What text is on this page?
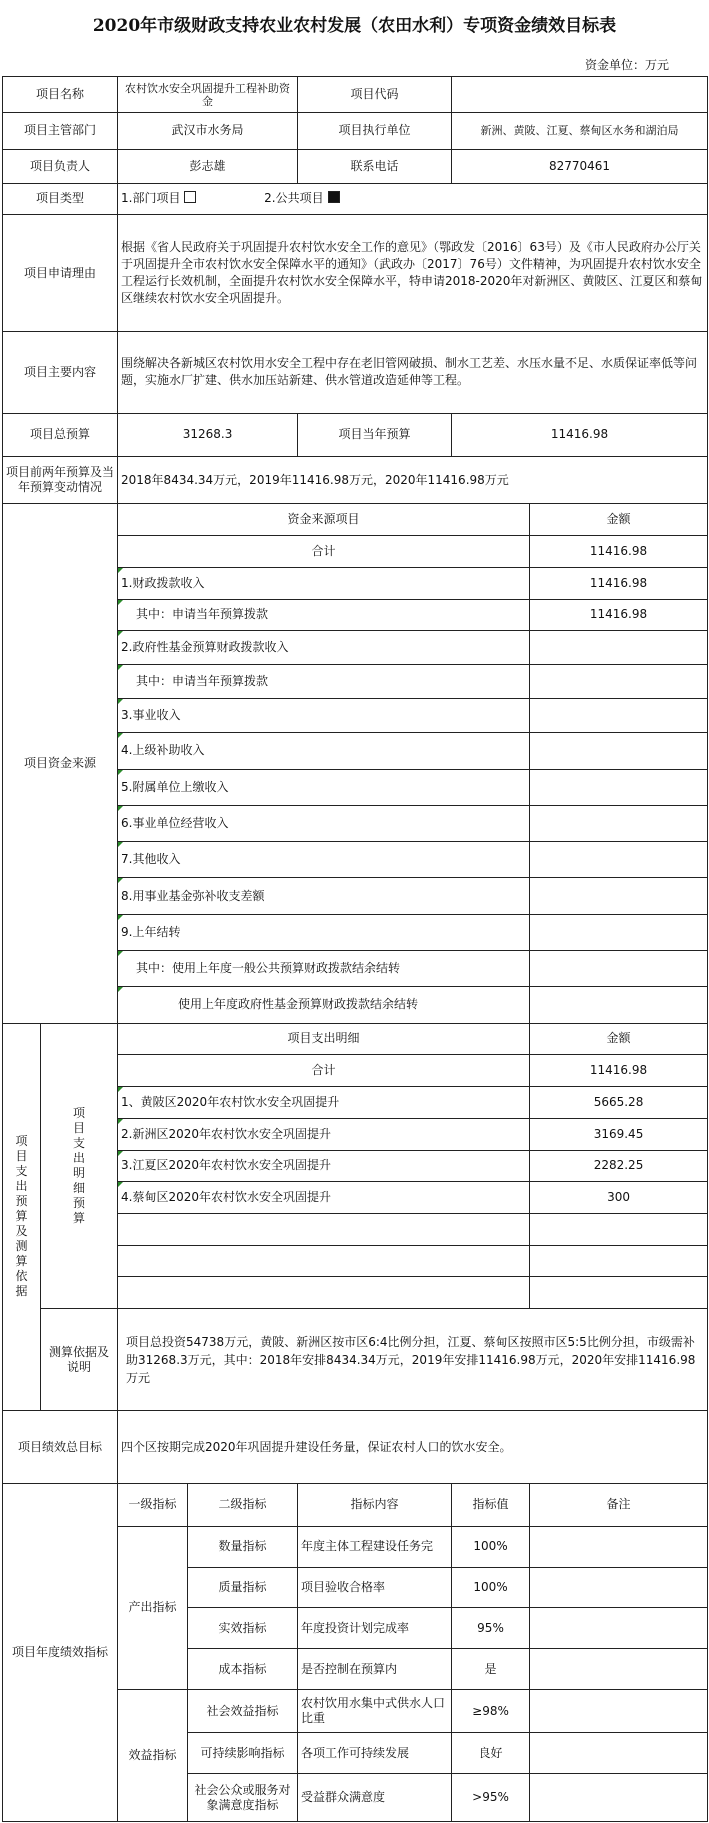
2020年市级财政支持农业农村发展（农田水利）专项资金绩效目标表
资金单位：万元
项目名称		农村饮水安全巩固提升工程补助资金		项目代码		
项目主管部门		武汉市水务局		项目执行单位	新洲、黄陂、江夏、蔡甸区水务和湖泊局	
项目负责人		彭志雄		联系电话	82770461	
项目类型		1.部门项目 2.公共项目				
项目申请理由		根据《省人民政府关于巩固提升农村饮水安全工作的意见》（鄂政发〔2016〕63号）及《市人民政府办公厅关于巩固提升全市农村饮水安全保障水平的通知》（武政办〔2017〕76号）文件精神，为巩固提升农村饮水安全工程运行长效机制，全面提升农村饮水安全保障水平，特申请2018-2020年对新洲区、黄陂区、江夏区和蔡甸区继续农村饮水安全巩固提升。				
项目主要内容		围绕解决各新城区农村饮用水安全工程中存在老旧管网破损、制水工艺差、水压水量不足、水质保证率低等问题，实施水厂扩建、供水加压站新建、供水管道改造延伸等工程。				
项目总预算		31268.3		项目当年预算	11416.98	
项目前两年预算及当年预算变动情况		2018年8434.34万元，2019年11416.98万元，2020年11416.98万元				
项目资金来源		资金来源项目				金额
		合计				11416.98
		1.财政拨款收入				11416.98
		其中：申请当年预算拨款				11416.98
		2.政府性基金预算财政拨款收入				
		其中：申请当年预算拨款				
		3.事业收入				
		4.上级补助收入				
		5.附属单位上缴收入				
		6.事业单位经营收入				
		7.其他收入				
		8.用事业基金弥补收支差额				
		9.上年结转				
		其中：使用上年度一般公共预算财政拨款结余结转				
		使用上年度政府性基金预算财政拨款结余结转				
项目支出预算及测算依据	项目支出明细预算	项目支出明细				金额
		合计				11416.98
		1、黄陂区2020年农村饮水安全巩固提升				5665.28
		2.新洲区2020年农村饮水安全巩固提升				3169.45
		3.江夏区2020年农村饮水安全巩固提升				2282.25
		4.蔡甸区2020年农村饮水安全巩固提升				300

	测算依据及说明	项目总投资54738万元，黄陂、新洲区按市区6:4比例分担，江夏、蔡甸区按照市区5:5比例分担，市级需补助31268.3万元，其中：2018年安排8434.34万元，2019年安排11416.98万元，2020年安排11416.98万元				
项目绩效总目标		四个区按期完成2020年巩固提升建设任务量，保证农村人口的饮水安全。				
项目年度绩效指标		一级指标	二级指标	指标内容	指标值	备注
		产出指标	数量指标	年度主体工程建设任务完	100%	
			质量指标	项目验收合格率	100%	
			实效指标	年度投资计划完成率	95%	
			成本指标	是否控制在预算内	是	
		效益指标	社会效益指标	农村饮用水集中式供水人口比重	≥98%	
			可持续影响指标	各项工作可持续发展	良好	
			社会公众或服务对象满意度指标	受益群众满意度	>95%	
